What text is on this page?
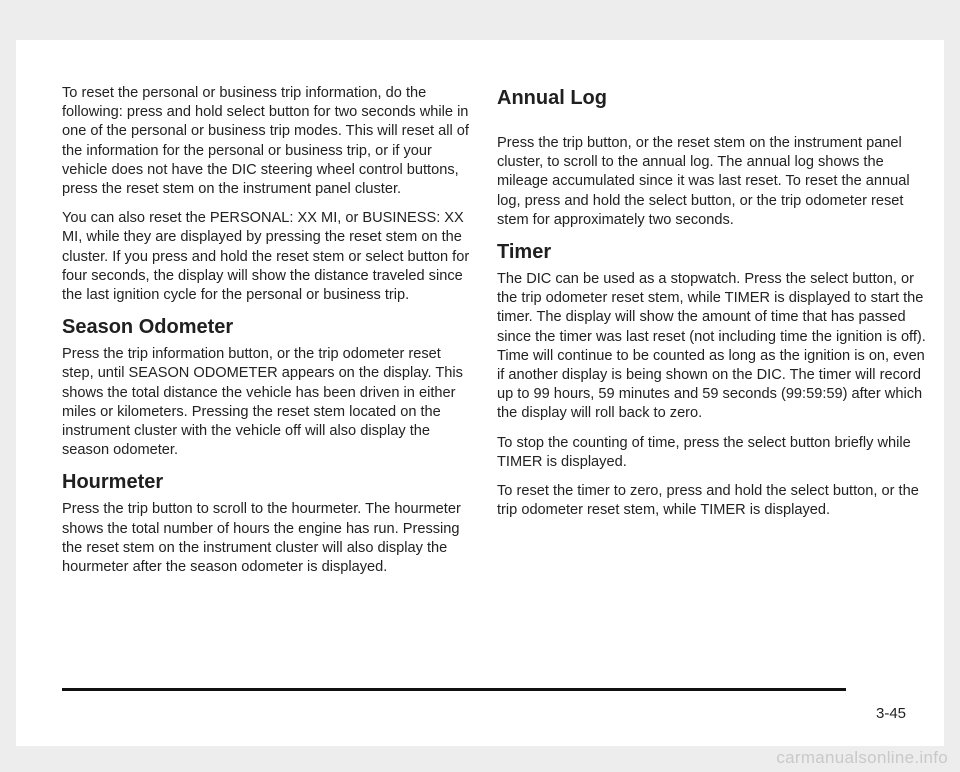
To reset the personal or business trip information, do the following: press and hold select button for two seconds while in one of the personal or business trip modes. This will reset all of the information for the personal or business trip, or if your vehicle does not have the DIC steering wheel control buttons, press the reset stem on the instrument panel cluster.

You can also reset the PERSONAL: XX MI, or BUSINESS: XX MI, while they are displayed by pressing the reset stem on the cluster. If you press and hold the reset stem or select button for four seconds, the display will show the distance traveled since the last ignition cycle for the personal or business trip.

Season Odometer

Press the trip information button, or the trip odometer reset step, until SEASON ODOMETER appears on the display. This shows the total distance the vehicle has been driven in either miles or kilometers. Pressing the reset stem located on the instrument cluster with the vehicle off will also display the season odometer.

Hourmeter

Press the trip button to scroll to the hourmeter. The hourmeter shows the total number of hours the engine has run. Pressing the reset stem on the instrument cluster will also display the hourmeter after the season odometer is displayed.

Annual Log

Press the trip button, or the reset stem on the instrument panel cluster, to scroll to the annual log. The annual log shows the mileage accumulated since it was last reset. To reset the annual log, press and hold the select button, or the trip odometer reset stem for approximately two seconds.

Timer

The DIC can be used as a stopwatch. Press the select button, or the trip odometer reset stem, while TIMER is displayed to start the timer. The display will show the amount of time that has passed since the timer was last reset (not including time the ignition is off). Time will continue to be counted as long as the ignition is on, even if another display is being shown on the DIC. The timer will record up to 99 hours, 59 minutes and 59 seconds (99:59:59) after which the display will roll back to zero.

To stop the counting of time, press the select button briefly while TIMER is displayed.

To reset the timer to zero, press and hold the select button, or the trip odometer reset stem, while TIMER is displayed.

3-45
carmanualsonline.info
